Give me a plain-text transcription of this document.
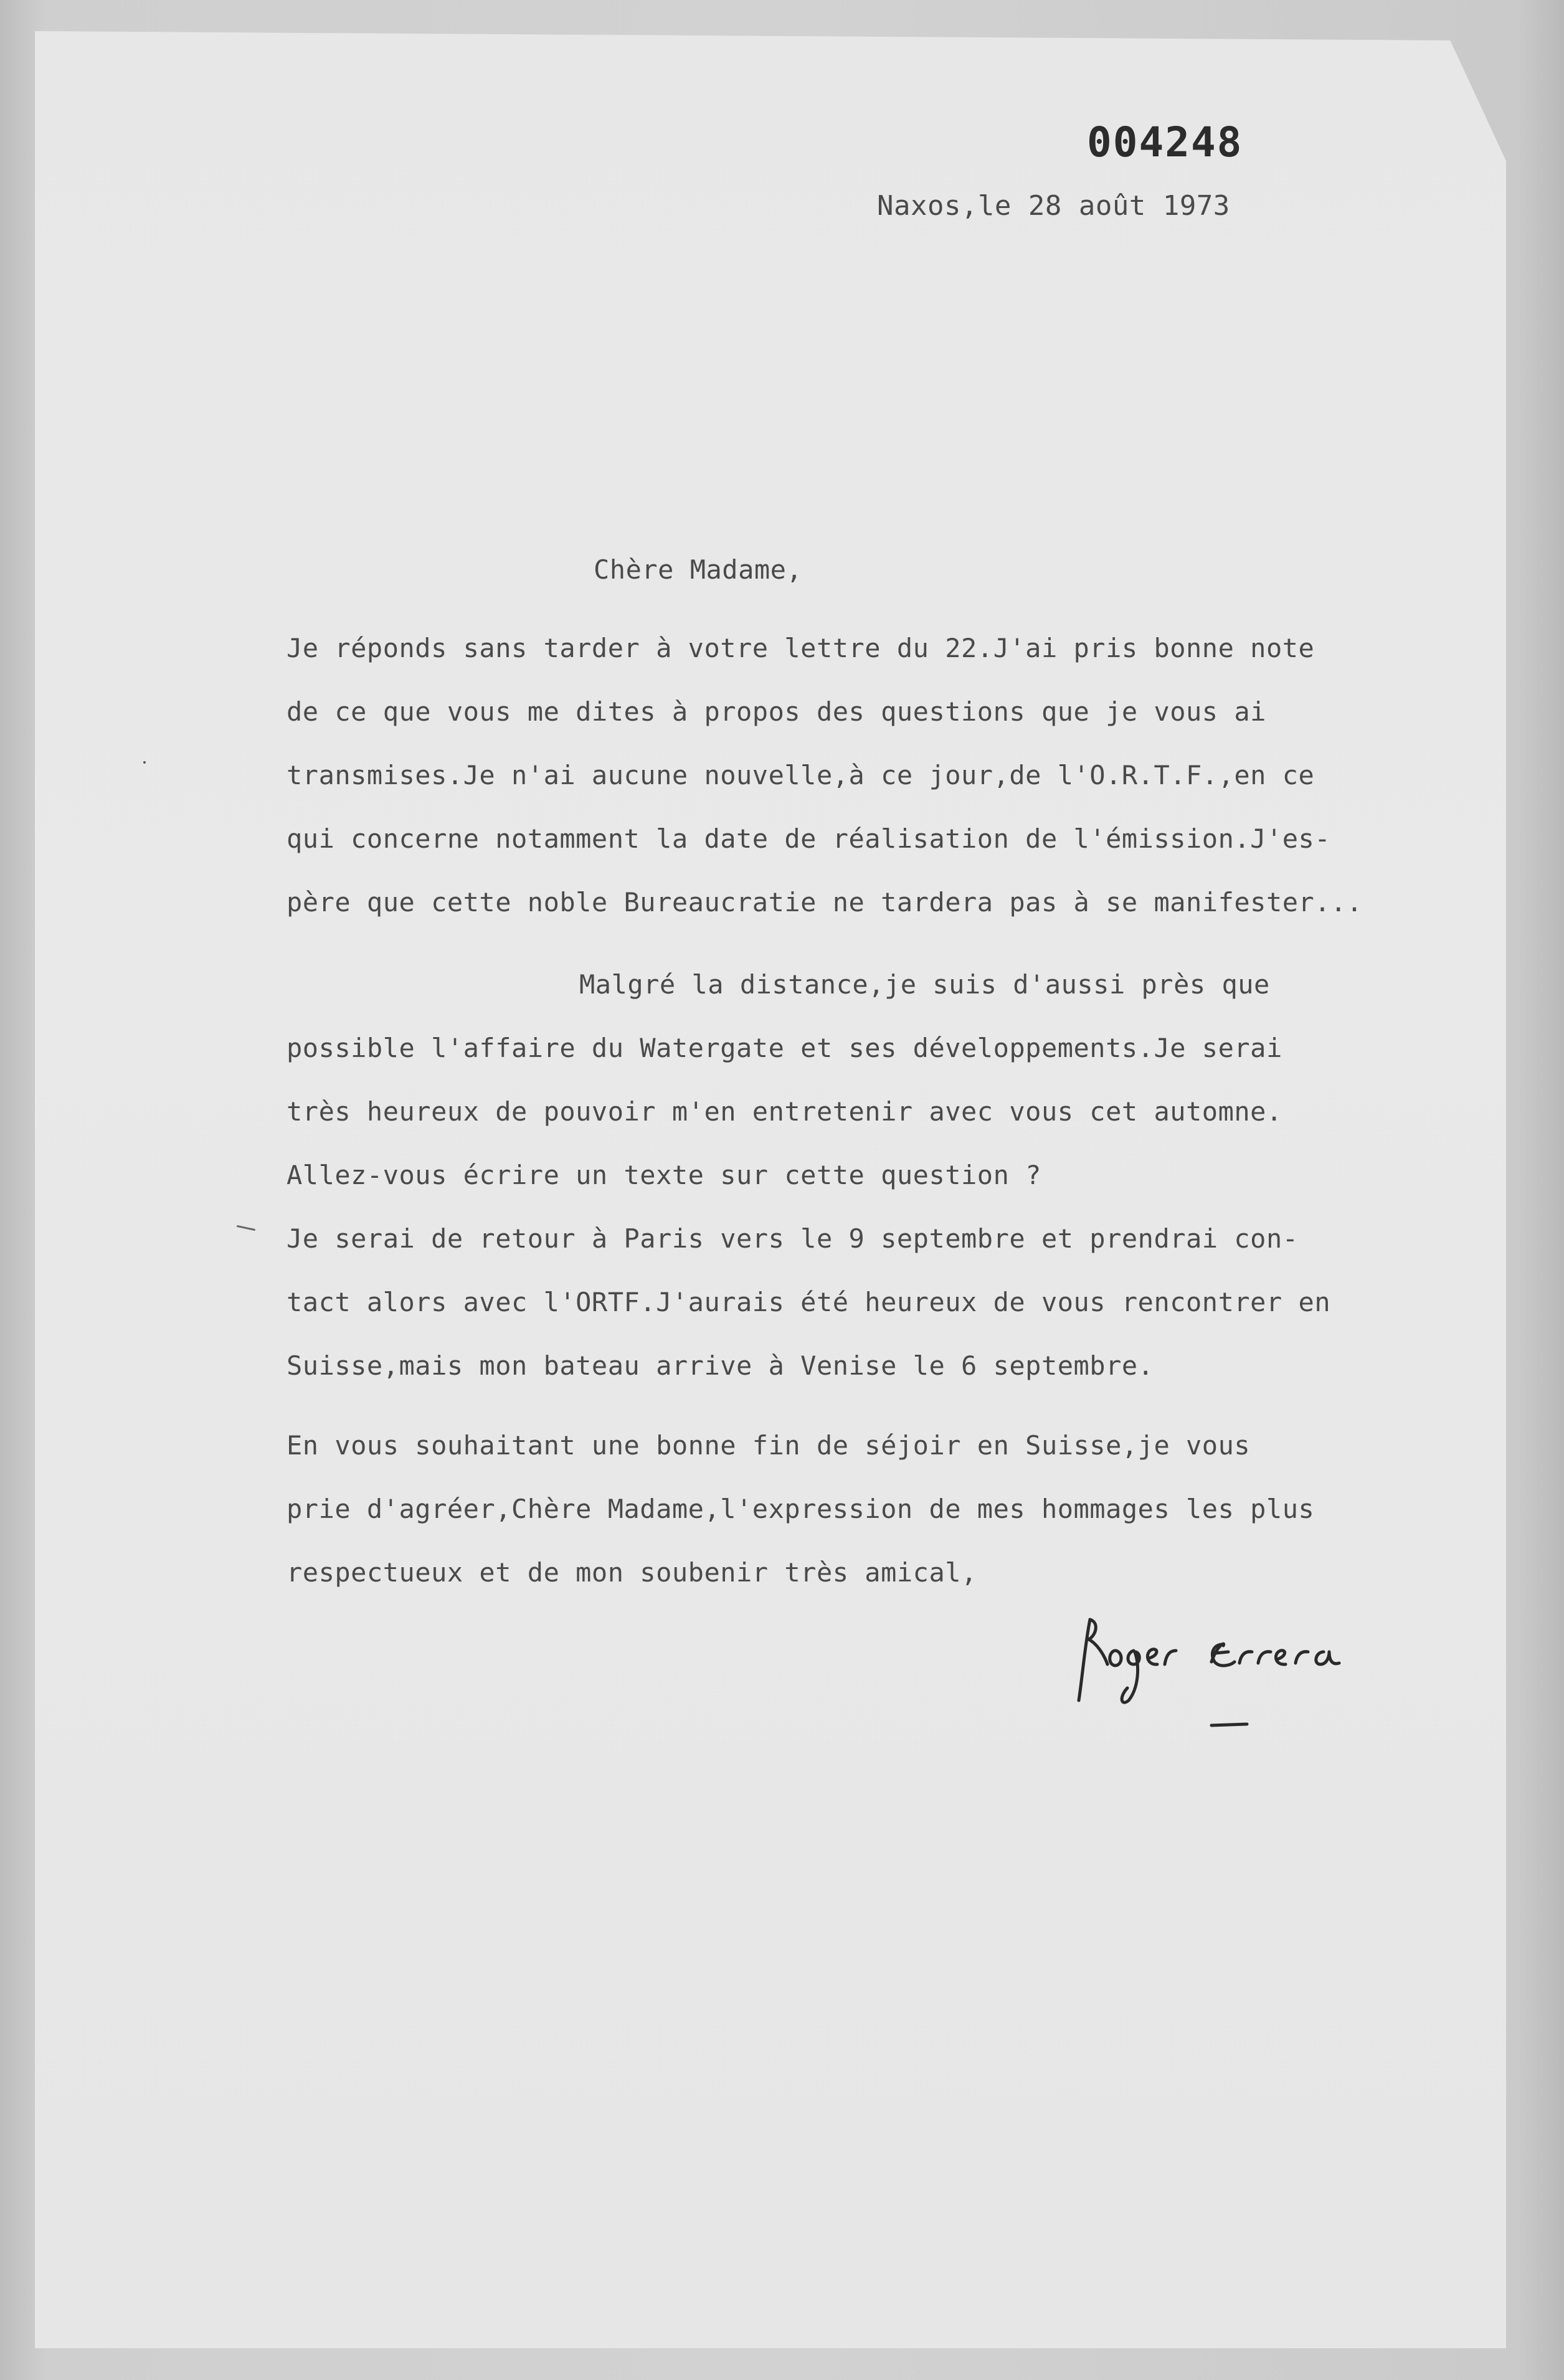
004248

Naxos,le 28 août 1973

Chère Madame,

Je réponds sans tarder à votre lettre du 22.J'ai pris bonne note
de ce que vous me dites à propos des questions que je vous ai
transmises.Je n'ai aucune nouvelle,à ce jour,de l'O.R.T.F.,en ce
qui concerne notamment la date de réalisation de l'émission.J'es-
père que cette noble Bureaucratie ne tardera pas à se manifester...
Malgré la distance,je suis d'aussi près que
possible l'affaire du Watergate et ses développements.Je serai
très heureux de pouvoir m'en entretenir avec vous cet automne.
Allez-vous écrire un texte sur cette question ?
Je serai de retour à Paris vers le 9 septembre et prendrai con-
tact alors avec l'ORTF.J'aurais été heureux de vous rencontrer en
Suisse,mais mon bateau arrive à Venise le 6 septembre.
En vous souhaitant une bonne fin de séjoir en Suisse,je vous
prie d'agréer,Chère Madame,l'expression de mes hommages les plus
respectueux et de mon soubenir très amical,
